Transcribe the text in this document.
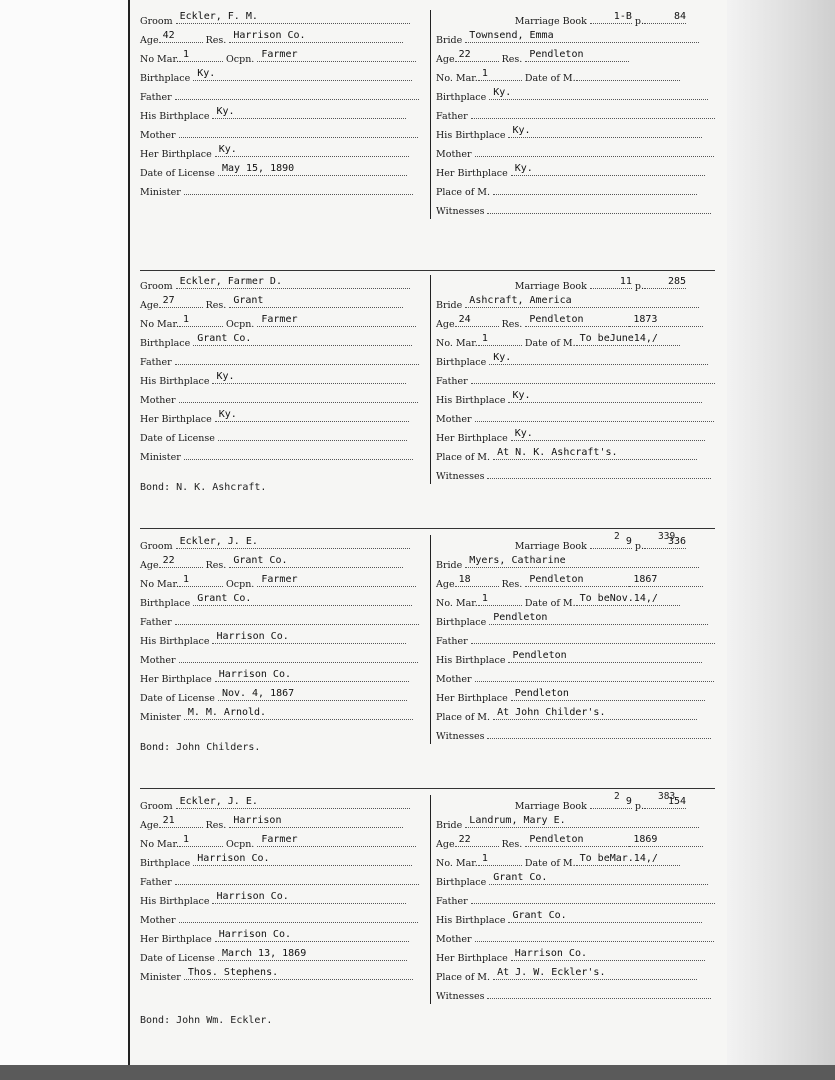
Groom Eckler, F. M.
Age 42	Res. Harrison Co.
No Mar. 1	Ocpn. Farmer
Birthplace Ky.
Father
His Birthplace Ky.
Mother
Her Birthplace Ky.
Date of License May 15, 1890
Minister
Marriage Book	1-B p.	84
Bride Townsend, Emma
Age 22	Res. Pendleton
No. Mar. 1	Date of M.
Birthplace Ky.
Father
His Birthplace Ky.
Mother
Her Birthplace Ky.
Place of M.
Witnesses
Groom Eckler, Farmer D.
Age 27	Res. Grant
No Mar. 1	Ocpn. Farmer
Birthplace Grant Co.
Father
His Birthplace Ky.
Mother
Her Birthplace Ky.
Date of License
Minister
Marriage Book	11 p. 285
Bride Ashcraft, America
Age 24	Res. Pendleton	1873
No. Mar. 1	Date of M. To beJune14,/
Birthplace Ky.
Father
His Birthplace Ky.
Mother
Her Birthplace Ky.
Place of M. At N. K. Ashcraft's.
Witnesses
Bond: N. K. Ashcraft.
Groom Eckler, J. E.
Age 22	Res. Grant Co.
No Mar. 1	Ocpn. Farmer
Birthplace Grant Co.
Father
His Birthplace Harrison Co.
Mother
Her Birthplace Harrison Co.
Date of License Nov. 4, 1867
Minister M. M. Arnold.
Marriage Book	9 p. 336
2	339
Bride Myers, Catharine
Age 18	Res. Pendleton	1867
No. Mar. 1	Date of M. To beNov.14,/
Birthplace Pendleton
Father
His Birthplace Pendleton
Mother
Her Birthplace Pendleton
Place of M. At John Childer's.
Witnesses
Bond: John Childers.
Groom Eckler, J. E.
Age 21	Res. Harrison
No Mar. 1	Ocpn. Farmer
Birthplace Harrison Co.
Father
His Birthplace Harrison Co.
Mother
Her Birthplace Harrison Co.
Date of License March 13, 1869
Minister Thos. Stephens.
Marriage Book	9 p. 154
2	383
Bride Landrum, Mary E.
Age 22	Res. Pendleton	1869
No. Mar. 1	Date of M. To beMar.14,/
Birthplace Grant Co.
Father
His Birthplace Grant Co.
Mother
Her Birthplace Harrison Co.
Place of M. At J. W. Eckler's.
Witnesses
Bond: John Wm. Eckler.
